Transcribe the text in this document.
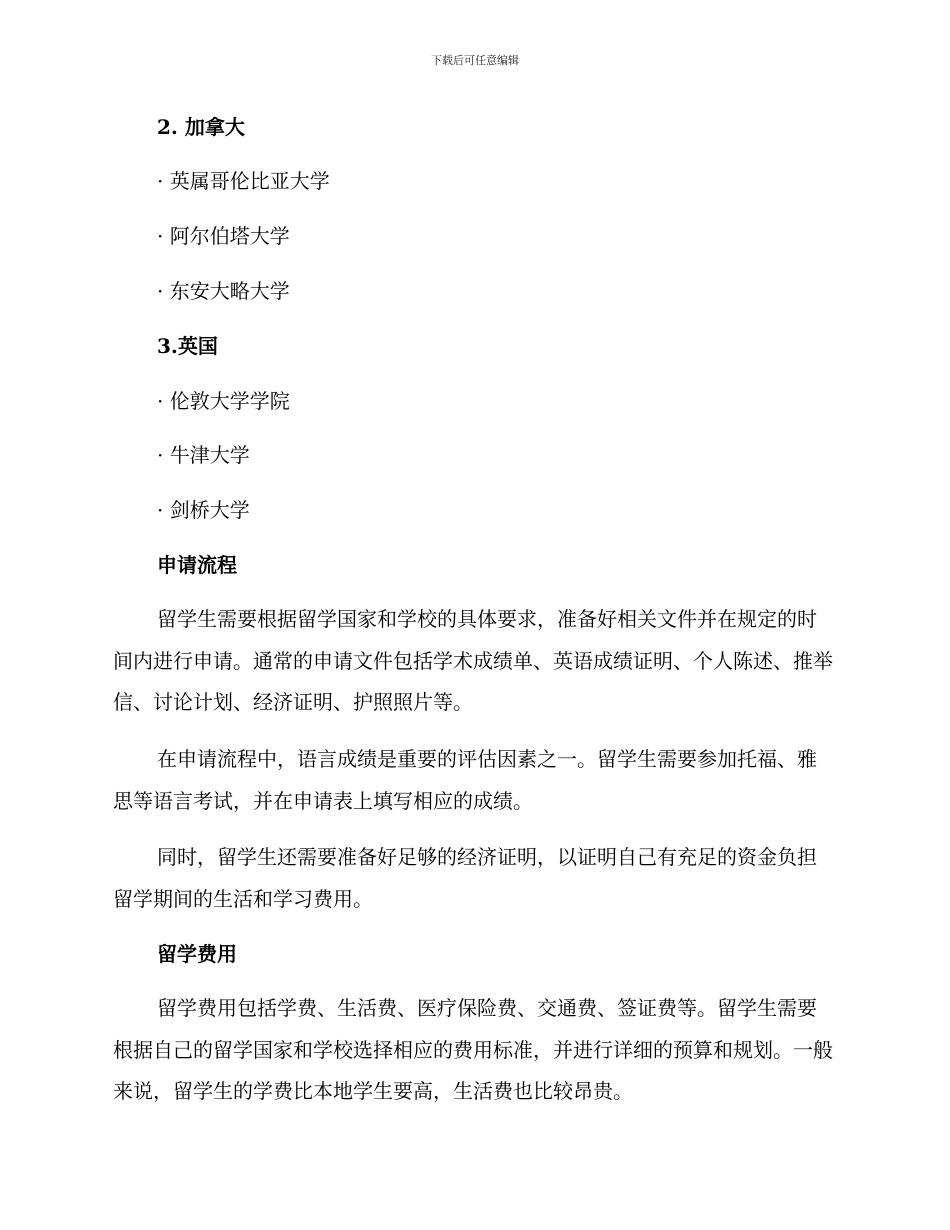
下载后可任意编辑
2. 加拿大
· 英属哥伦比亚大学
· 阿尔伯塔大学
· 东安大略大学
3.英国
· 伦敦大学学院
· 牛津大学
· 剑桥大学
申请流程

留学生需要根据留学国家和学校的具体要求，准备好相关文件并在规定的时间内进行申请。通常的申请文件包括学术成绩单、英语成绩证明、个人陈述、推举信、讨论计划、经济证明、护照照片等。

在申请流程中，语言成绩是重要的评估因素之一。留学生需要参加托福、雅思等语言考试，并在申请表上填写相应的成绩。

同时，留学生还需要准备好足够的经济证明，以证明自己有充足的资金负担留学期间的生活和学习费用。

留学费用

留学费用包括学费、生活费、医疗保险费、交通费、签证费等。留学生需要根据自己的留学国家和学校选择相应的费用标准，并进行详细的预算和规划。一般来说，留学生的学费比本地学生要高，生活费也比较昂贵。
